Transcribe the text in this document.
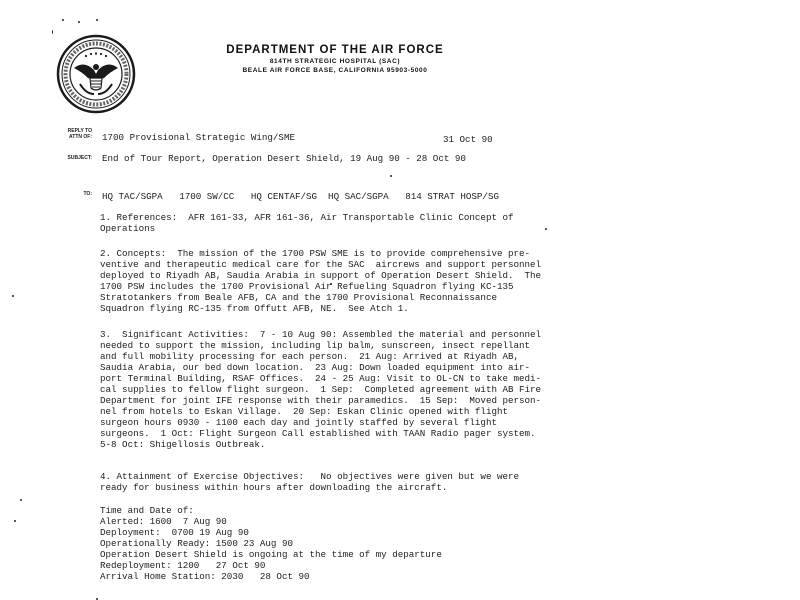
DEPARTMENT OF THE AIR FORCE
814TH STRATEGIC HOSPITAL (SAC)
BEALE AIR FORCE BASE, CALIFORNIA 95903-5000
REPLY TO
ATTN OF: 1700 Provisional Strategic Wing/SME	31 Oct 90
SUBJECT: End of Tour Report, Operation Desert Shield, 19 Aug 90 - 28 Oct 90
TO: HQ TAC/SGPA   1700 SW/CC   HQ CENTAF/SG  HQ SAC/SGPA   814 STRAT HOSP/SG
1. References:  AFR 161-33, AFR 161-36, Air Transportable Clinic Concept of
Operations
2. Concepts:  The mission of the 1700 PSW SME is to provide comprehensive pre-
ventive and therapeutic medical care for the SAC  aircrews and support personnel
deployed to Riyadh AB, Saudia Arabia in support of Operation Desert Shield.  The
1700 PSW includes the 1700 Provisional Air Refueling Squadron flying KC-135
Stratotankers from Beale AFB, CA and the 1700 Provisional Reconnaissance
Squadron flying RC-135 from Offutt AFB, NE.  See Atch 1.
3.  Significant Activities:  7 - 10 Aug 90: Assembled the material and personnel
needed to support the mission, including lip balm, sunscreen, insect repellant
and full mobility processing for each person.  21 Aug: Arrived at Riyadh AB,
Saudia Arabia, our bed down location.  23 Aug: Down loaded equipment into air-
port Terminal Building, RSAF Offices.  24 - 25 Aug: Visit to OL-CN to take medi-
cal supplies to fellow flight surgeon.  1 Sep:  Completed agreement with AB Fire
Department for joint IFE response with their paramedics.  15 Sep:  Moved person-
nel from hotels to Eskan Village.  20 Sep: Eskan Clinic opened with flight
surgeon hours 0930 - 1100 each day and jointly staffed by several flight
surgeons.  1 Oct: Flight Surgeon Call established with TAAN Radio pager system.
5-8 Oct: Shigellosis Outbreak.
4. Attainment of Exercise Objectives:   No objectives were given but we were
ready for business within hours after downloading the aircraft.
Time and Date of:
Alerted: 1600  7 Aug 90
Deployment:  0700 19 Aug 90
Operationally Ready: 1500 23 Aug 90
Operation Desert Shield is ongoing at the time of my departure
Redeployment: 1200   27 Oct 90
Arrival Home Station: 2030   28 Oct 90
